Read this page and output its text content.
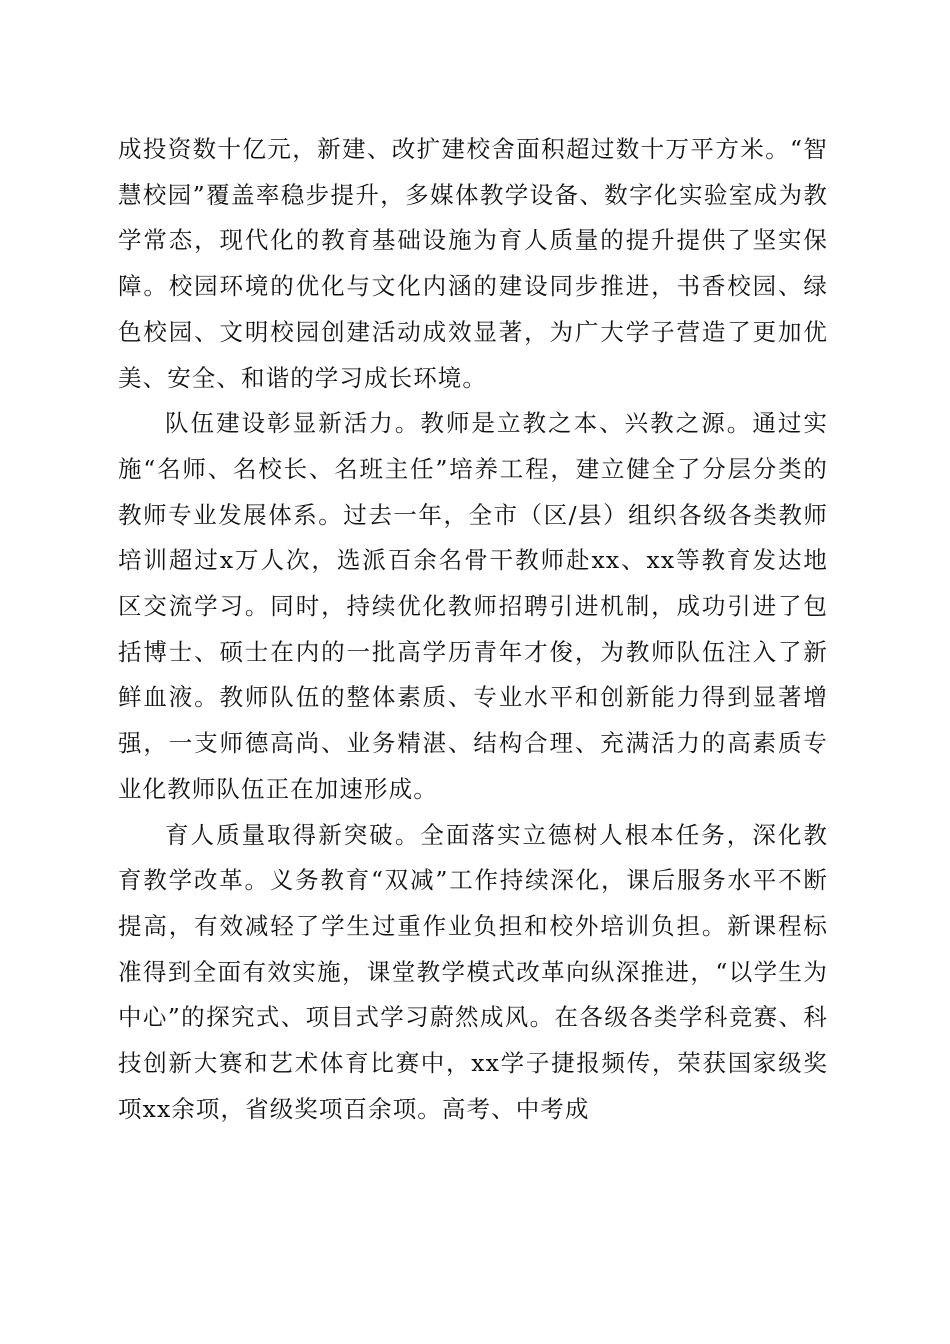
成投资数十亿元，新建、改扩建校舍面积超过数十万平方米。“智慧校园”覆盖率稳步提升，多媒体教学设备、数字化实验室成为教学常态，现代化的教育基础设施为育人质量的提升提供了坚实保障。校园环境的优化与文化内涵的建设同步推进，书香校园、绿色校园、文明校园创建活动成效显著，为广大学子营造了更加优美、安全、和谐的学习成长环境。

队伍建设彰显新活力。教师是立教之本、兴教之源。通过实施“名师、名校长、名班主任”培养工程，建立健全了分层分类的教师专业发展体系。过去一年，全市（区/县）组织各级各类教师培训超过x万人次，选派百余名骨干教师赴xx、xx等教育发达地区交流学习。同时，持续优化教师招聘引进机制，成功引进了包括博士、硕士在内的一批高学历青年才俊，为教师队伍注入了新鲜血液。教师队伍的整体素质、专业水平和创新能力得到显著增强，一支师德高尚、业务精湛、结构合理、充满活力的高素质专业化教师队伍正在加速形成。

育人质量取得新突破。全面落实立德树人根本任务，深化教育教学改革。义务教育“双减”工作持续深化，课后服务水平不断提高，有效减轻了学生过重作业负担和校外培训负担。新课程标准得到全面有效实施，课堂教学模式改革向纵深推进，“以学生为中心”的探究式、项目式学习蔚然成风。在各级各类学科竞赛、科技创新大赛和艺术体育比赛中，xx学子捷报频传，荣获国家级奖项xx余项，省级奖项百余项。高考、中考成
